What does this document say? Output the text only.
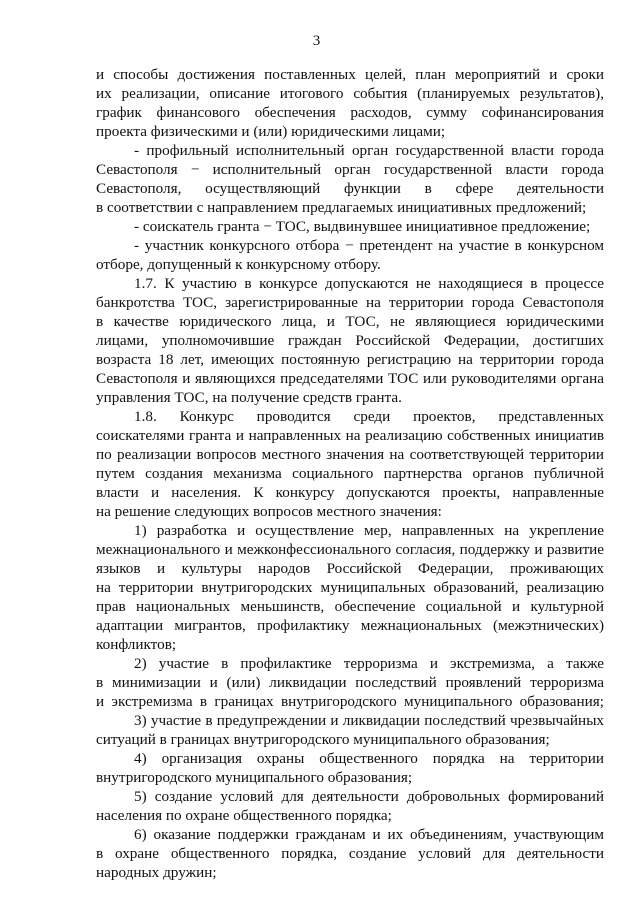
3
и способы достижения поставленных целей, план мероприятий и сроки
их реализации, описание итогового события (планируемых результатов),
график финансового обеспечения расходов, сумму софинансирования
проекта физическими и (или) юридическими лицами;
- профильный исполнительный орган государственной власти города
Севастополя − исполнительный орган государственной власти города
Севастополя, осуществляющий функции в сфере деятельности
в соответствии с направлением предлагаемых инициативных предложений;
- соискатель гранта − ТОС, выдвинувшее инициативное предложение;
- участник конкурсного отбора − претендент на участие в конкурсном
отборе, допущенный к конкурсному отбору.
1.7. К участию в конкурсе допускаются не находящиеся в процессе
банкротства ТОС, зарегистрированные на территории города Севастополя
в качестве юридического лица, и ТОС, не являющиеся юридическими
лицами, уполномочившие граждан Российской Федерации, достигших
возраста 18 лет, имеющих постоянную регистрацию на территории города
Севастополя и являющихся председателями ТОС или руководителями органа
управления ТОС, на получение средств гранта.
1.8. Конкурс проводится среди проектов, представленных
соискателями гранта и направленных на реализацию собственных инициатив
по реализации вопросов местного значения на соответствующей территории
путем создания механизма социального партнерства органов публичной
власти и населения. К конкурсу допускаются проекты, направленные
на решение следующих вопросов местного значения:
1) разработка и осуществление мер, направленных на укрепление
межнационального и межконфессионального согласия, поддержку и развитие
языков и культуры народов Российской Федерации, проживающих
на территории внутригородских муниципальных образований, реализацию
прав национальных меньшинств, обеспечение социальной и культурной
адаптации мигрантов, профилактику межнациональных (межэтнических)
конфликтов;
2) участие в профилактике терроризма и экстремизма, а также
в минимизации и (или) ликвидации последствий проявлений терроризма
и экстремизма в границах внутригородского муниципального образования;
3) участие в предупреждении и ликвидации последствий чрезвычайных
ситуаций в границах внутригородского муниципального образования;
4) организация охраны общественного порядка на территории
внутригородского муниципального образования;
5) создание условий для деятельности добровольных формирований
населения по охране общественного порядка;
6) оказание поддержки гражданам и их объединениям, участвующим
в охране общественного порядка, создание условий для деятельности
народных дружин;
